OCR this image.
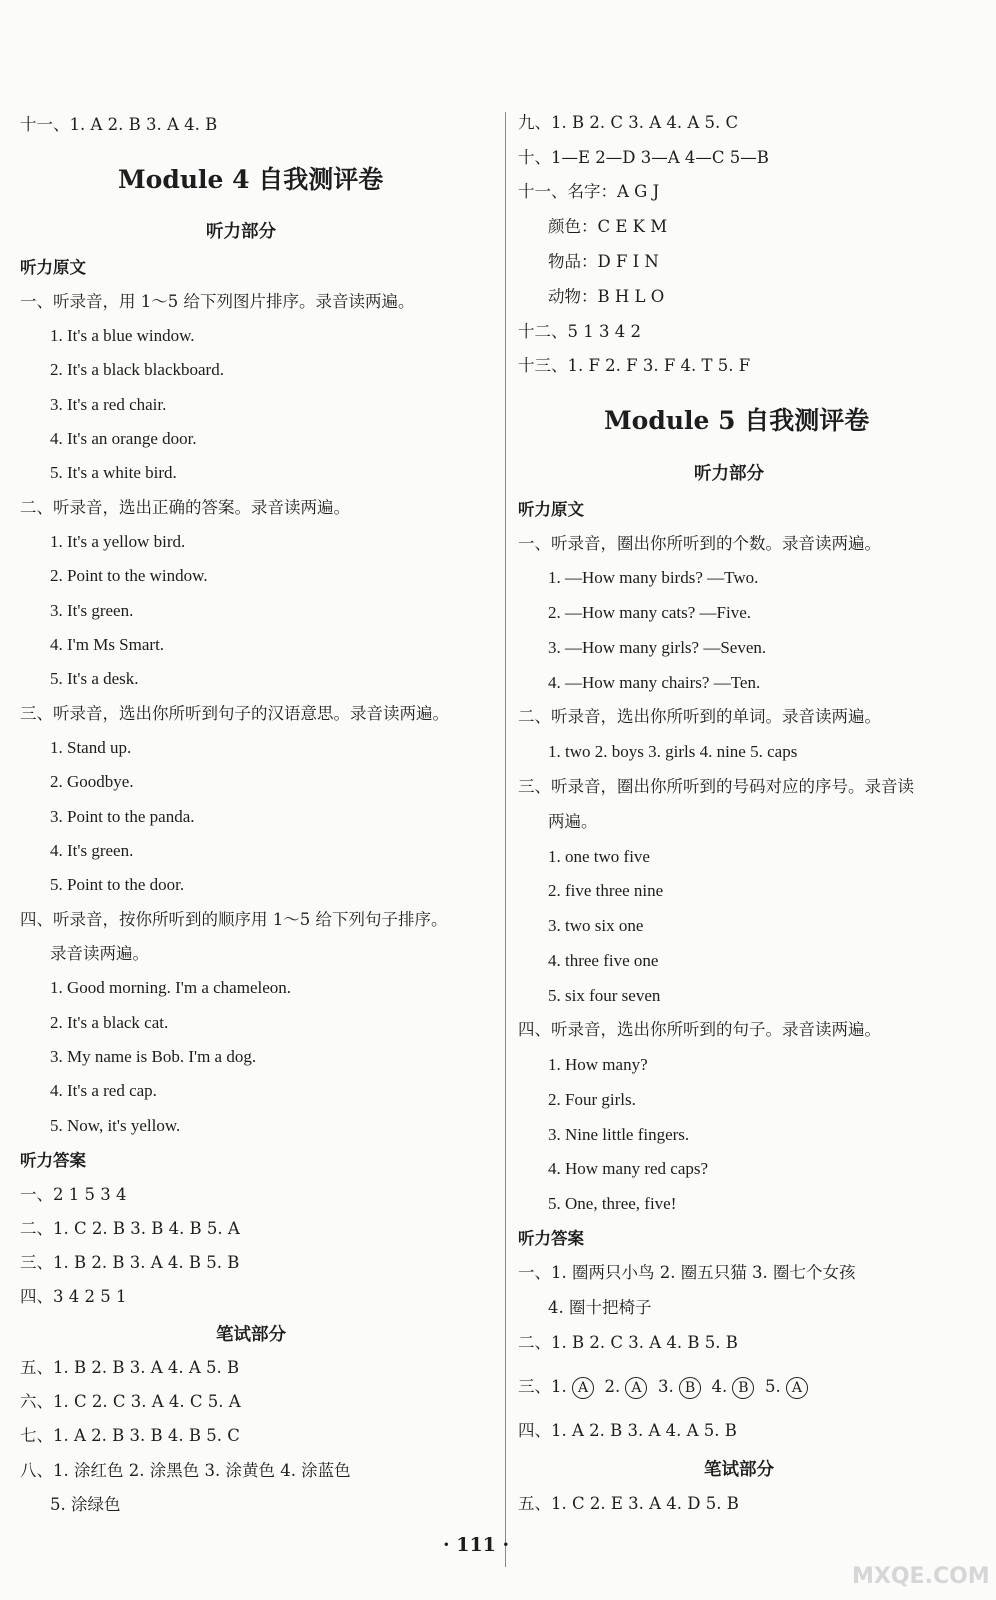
十一、1. A 2. B 3. A 4. B
Module 4 自我测评卷
听力部分
听力原文
一、听录音，用 1～5 给下列图片排序。录音读两遍。
1. It's a blue window.
2. It's a black blackboard.
3. It's a red chair.
4. It's an orange door.
5. It's a white bird.
二、听录音，选出正确的答案。录音读两遍。
1. It's a yellow bird.
2. Point to the window.
3. It's green.
4. I'm Ms Smart.
5. It's a desk.
三、听录音，选出你所听到句子的汉语意思。录音读两遍。
1. Stand up.
2. Goodbye.
3. Point to the panda.
4. It's green.
5. Point to the door.
四、听录音，按你所听到的顺序用 1～5 给下列句子排序。
录音读两遍。
1. Good morning. I'm a chameleon.
2. It's a black cat.
3. My name is Bob. I'm a dog.
4. It's a red cap.
5. Now, it's yellow.
听力答案
一、2 1 5 3 4
二、1. C 2. B 3. B 4. B 5. A
三、1. B 2. B 3. A 4. B 5. B
四、3 4 2 5 1
笔试部分
五、1. B 2. B 3. A 4. A 5. B
六、1. C 2. C 3. A 4. C 5. A
七、1. A 2. B 3. B 4. B 5. C
八、1. 涂红色 2. 涂黑色 3. 涂黄色 4. 涂蓝色
5. 涂绿色
九、1. B 2. C 3. A 4. A 5. C
十、1—E 2—D 3—A 4—C 5—B
十一、名字：A G J
颜色：C E K M
物品：D F I N
动物：B H L O
十二、5 1 3 4 2
十三、1. F 2. F 3. F 4. T 5. F
Module 5 自我测评卷
听力部分
听力原文
一、听录音，圈出你所听到的个数。录音读两遍。
1. —How many birds? —Two.
2. —How many cats? —Five.
3. —How many girls? —Seven.
4. —How many chairs? —Ten.
二、听录音，选出你所听到的单词。录音读两遍。
1. two 2. boys 3. girls 4. nine 5. caps
三、听录音，圈出你所听到的号码对应的序号。录音读
两遍。
1. one two five
2. five three nine
3. two six one
4. three five one
5. six four seven
四、听录音，选出你所听到的句子。录音读两遍。
1. How many?
2. Four girls.
3. Nine little fingers.
4. How many red caps?
5. One, three, five!
听力答案
一、1. 圈两只小鸟 2. 圈五只猫 3. 圈七个女孩
4. 圈十把椅子
二、1. B 2. C 3. A 4. B 5. B
三、1. A  2. A  3. B  4. B  5. A
四、1. A 2. B 3. A 4. A 5. B
笔试部分
五、1. C 2. E 3. A 4. D 5. B
· 111 ·
MXQE.COM
